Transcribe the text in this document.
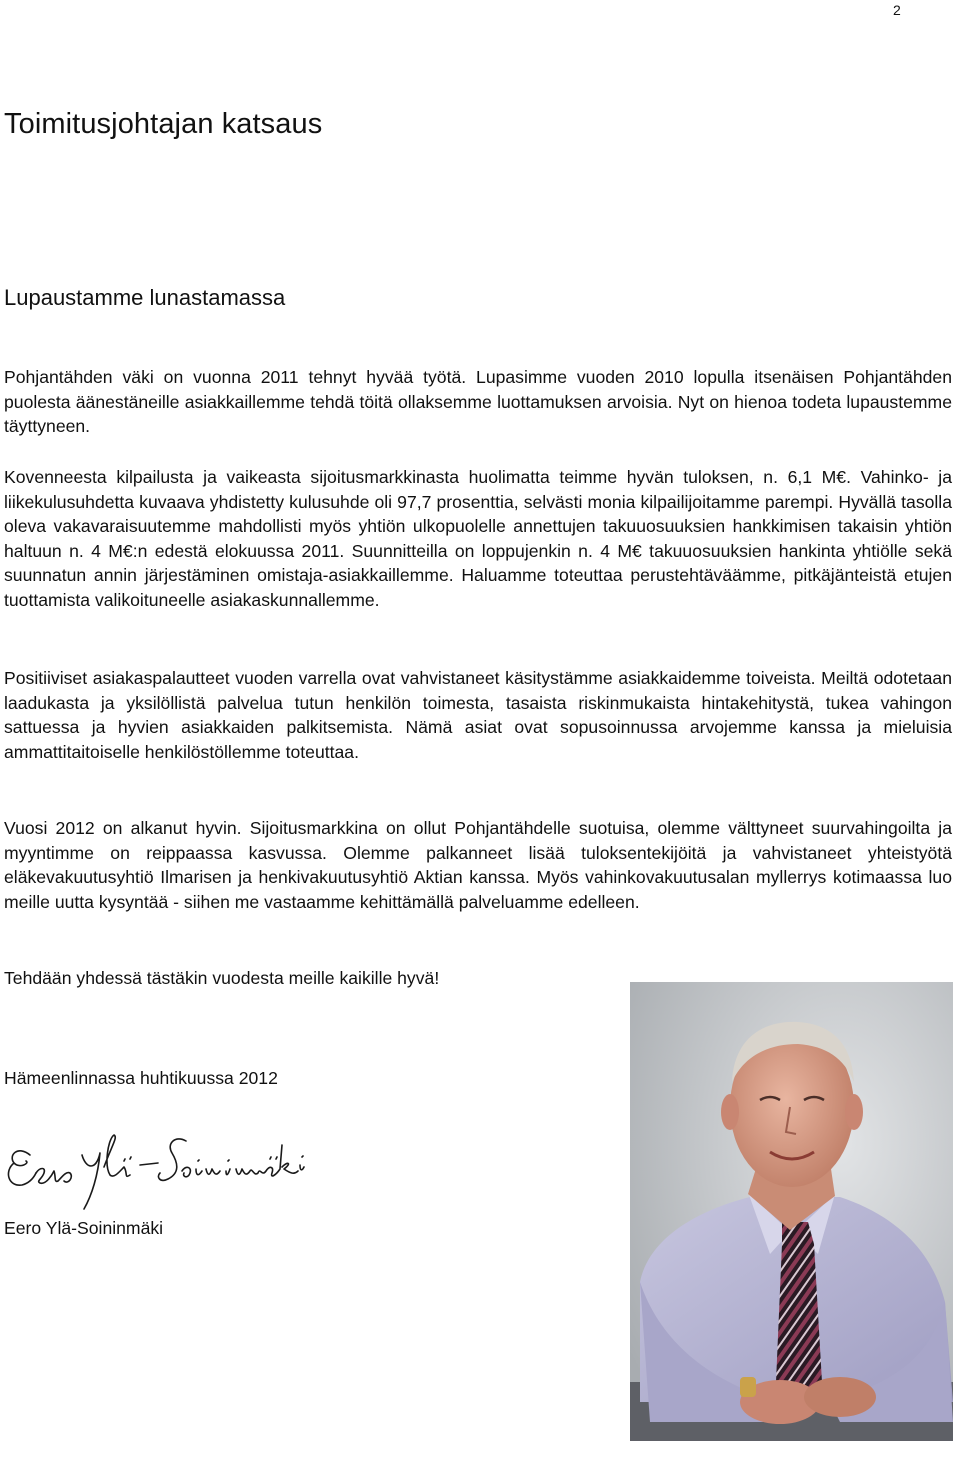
2
Toimitusjohtajan katsaus
Lupaustamme lunastamassa

Pohjantähden väki on vuonna 2011 tehnyt hyvää työtä. Lupasimme vuoden 2010 lopulla itsenäisen Pohjantähden puolesta äänestäneille asiakkaillemme tehdä töitä ollaksemme luottamuksen arvoisia. Nyt on hienoa todeta lupaustemme täyttyneen.

Kovenneesta kilpailusta ja vaikeasta sijoitusmarkkinasta huolimatta teimme hyvän tuloksen, n. 6,1 M€. Vahinko- ja liikekulusuhdetta kuvaava yhdistetty kulusuhde oli 97,7 prosenttia, selvästi monia kilpailijoitamme parempi. Hyvällä tasolla oleva vakavaraisuutemme mahdollisti myös yhtiön ulkopuolelle annettujen takuuosuuksien hankkimisen takaisin yhtiön haltuun n. 4 M€:n edestä elokuussa 2011. Suunnitteilla on loppujenkin n. 4 M€ takuuosuuksien hankinta yhtiölle sekä suunnatun annin järjestäminen omistaja-asiakkaillemme. Haluamme toteuttaa perustehtäväämme, pitkäjänteistä etujen tuottamista valikoituneelle asiakaskunnallemme.

Positiiviset asiakaspalautteet vuoden varrella ovat vahvistaneet käsitystämme asiakkaidemme toiveista. Meiltä odotetaan laadukasta ja yksilöllistä palvelua tutun henkilön toimesta, tasaista riskinmukaista hintakehitystä, tukea vahingon sattuessa ja hyvien asiakkaiden palkitsemista. Nämä asiat ovat sopusoinnussa arvojemme kanssa ja mieluisia ammattitaitoiselle henkilöstöllemme toteuttaa.

Vuosi 2012 on alkanut hyvin. Sijoitusmarkkina on ollut Pohjantähdelle suotuisa, olemme välttyneet suurvahingoilta ja myyntimme on reippaassa kasvussa. Olemme palkanneet lisää tuloksentekijöitä ja vahvistaneet yhteistyötä eläkevakuutusyhtiö Ilmarisen ja henkivakuutusyhtiö Aktian kanssa. Myös vahinkovakuutusalan myllerrys kotimaassa luo meille uutta kysyntää - siihen me vastaamme kehittämällä palveluamme edelleen.

Tehdään yhdessä tästäkin vuodesta meille kaikille hyvä!

Hämeenlinnassa huhtikuussa 2012
Eero Ylä-Soininmäki
